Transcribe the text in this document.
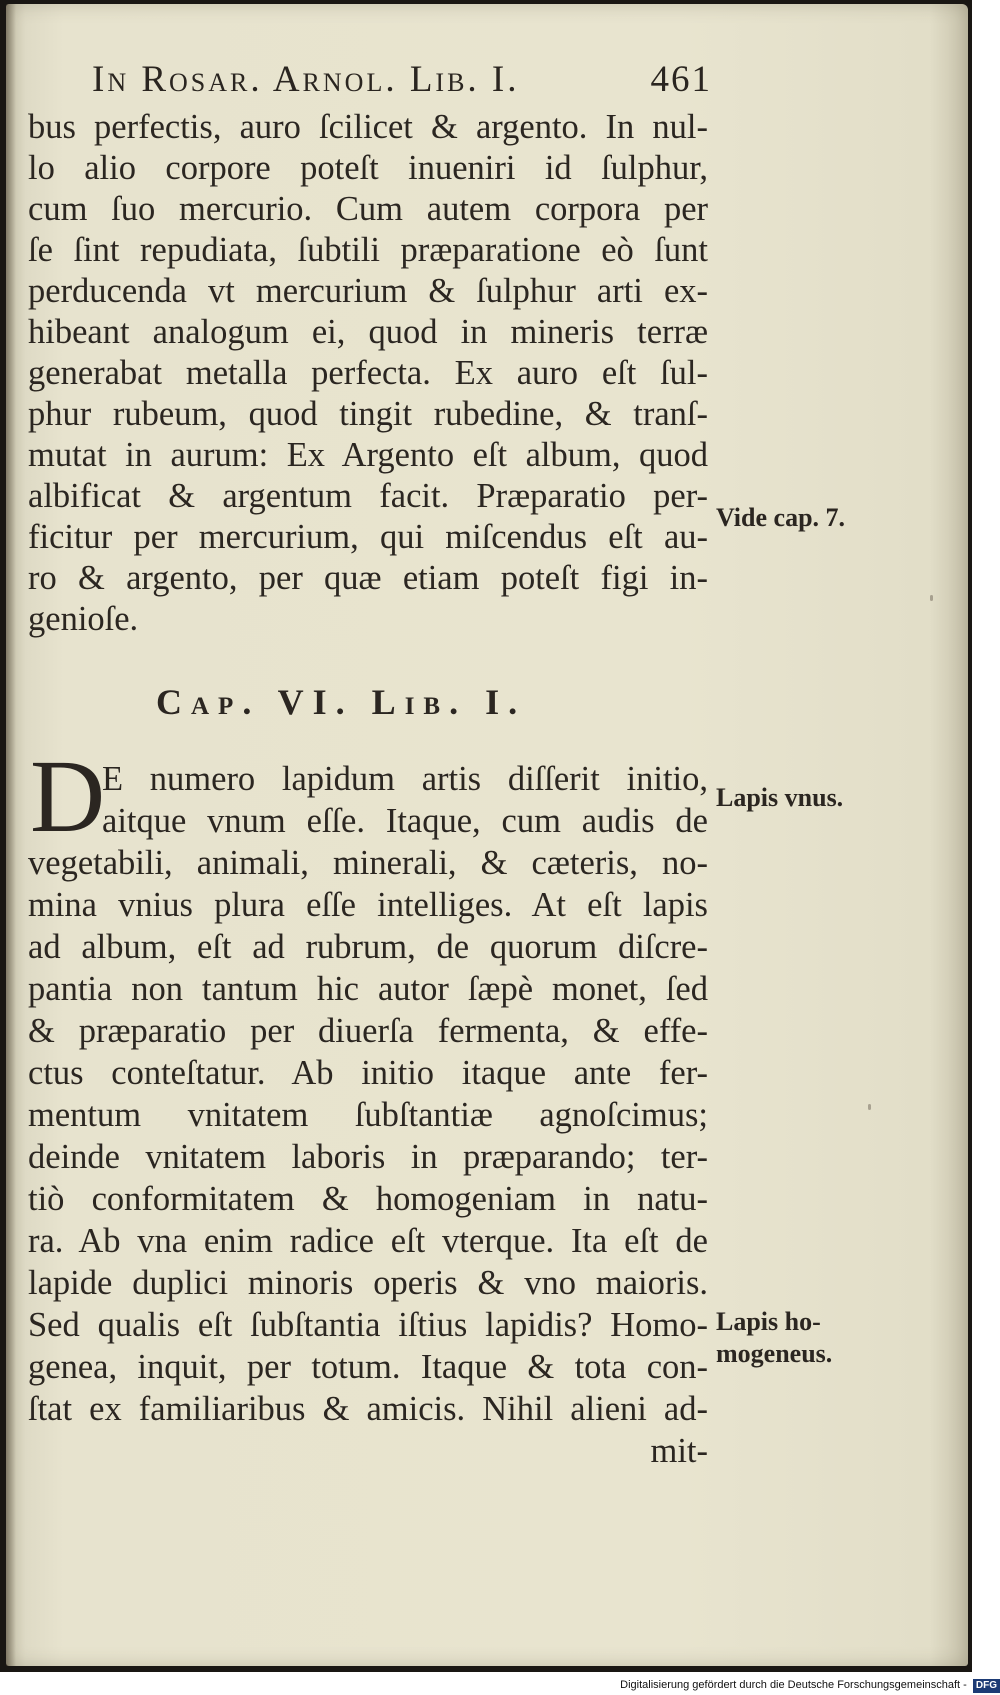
In Rosar. Arnol. Lib. I.	461
bus perfectis, auro ſcilicet & argento. In nul-
lo alio corpore poteſt inueniri id ſulphur,
cum ſuo mercurio. Cum autem corpora per
ſe ſint repudiata, ſubtili præparatione eò ſunt
perducenda vt mercurium & ſulphur arti ex-
hibeant analogum ei, quod in mineris terræ
generabat metalla perfecta. Ex auro eſt ſul-
phur rubeum, quod tingit rubedine, & tranſ-
mutat in aurum: Ex Argento eſt album, quod
albificat & argentum facit. Præparatio per-
ficitur per mercurium, qui miſcendus eſt au-
ro & argento, per quæ etiam poteſt figi in-
genioſe.
Cap. VI. Lib. I.
D
E numero lapidum artis diſſerit initio,
aitque vnum eſſe. Itaque, cum audis de
vegetabili, animali, minerali, & cæteris, no-
mina vnius plura eſſe intelliges. At eſt lapis
ad album, eſt ad rubrum, de quorum diſcre-
pantia non tantum hic autor ſæpè monet, ſed
& præparatio per diuerſa fermenta, & effe-
ctus conteſtatur. Ab initio itaque ante fer-
mentum vnitatem ſubſtantiæ agnoſcimus;
deinde vnitatem laboris in præparando; ter-
tiò conformitatem & homogeniam in natu-
ra. Ab vna enim radice eſt vterque. Ita eſt de
lapide duplici minoris operis & vno maioris.
Sed qualis eſt ſubſtantia iſtius lapidis? Homo-
genea, inquit, per totum. Itaque & tota con-
ſtat ex familiaribus & amicis. Nihil alieni ad-
mit-
Vide cap. 7.
Lapis vnus.
Lapis ho-
mogeneus.
Digitalisierung gefördert durch die Deutsche Forschungsgemeinschaft - DFG
